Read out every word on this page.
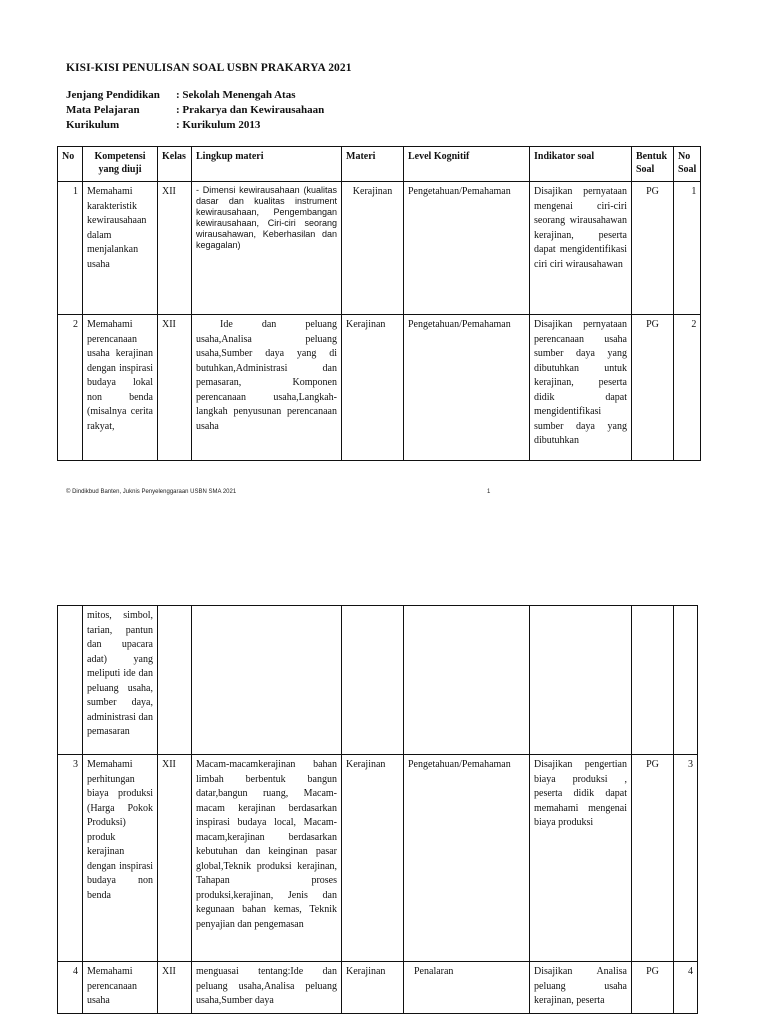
KISI-KISI PENULISAN SOAL USBN PRAKARYA 2021
Jenjang Pendidikan : Sekolah Menengah Atas
Mata Pelajaran	: Prakarya dan Kewirausahaan
Kurikulum	: Kurikulum 2013
No	Kompetensi yang diuji	Kelas	Lingkup materi	Materi	Level Kognitif	Indikator soal	Bentuk Soal	No Soal
1	Memahami karakteristik kewirausahaan dalam menjalankan usaha	XII	- Dimensi kewirausahaan (kualitas dasar dan kualitas instrument kewirausahaan, Pengembangan kewirausahaan, Ciri-ciri seorang wirausahawan, Keberhasilan dan kegagalan)	Kerajinan	Pengetahuan/Pemahaman	Disajikan pernyataan mengenai ciri-ciri seorang wirausahawan kerajinan, peserta dapat mengidentifikasi ciri ciri wirausahawan	PG	1
2	Memahami perencanaan usaha kerajinan dengan inspirasi budaya lokal non benda (misalnya cerita rakyat,	XII	Ide dan peluang usaha,Analisa peluang usaha,Sumber daya yang di butuhkan,Administrasi dan pemasaran, Komponen perencanaan usaha,Langkah-langkah penyusunan perencanaan usaha	Kerajinan	Pengetahuan/Pemahaman	Disajikan pernyataan perencanaan usaha sumber daya yang dibutuhkan untuk kerajinan, peserta didik dapat mengidentifikasi sumber daya yang dibutuhkan	PG	2
© Dindikbud Banten, Juknis Penyelenggaraan USBN SMA 2021	1
	mitos, simbol, tarian, pantun dan upacara adat) yang meliputi ide dan peluang usaha, sumber daya, administrasi dan pemasaran							
3	Memahami perhitungan biaya produksi (Harga Pokok Produksi) produk kerajinan dengan inspirasi budaya non benda	XII	Macam-macamkerajinan bahan limbah berbentuk bangun datar,bangun ruang, Macam-macam kerajinan berdasarkan inspirasi budaya local, Macam-macam,kerajinan berdasarkan kebutuhan dan keinginan pasar global,Teknik produksi kerajinan, Tahapan proses produksi,kerajinan, Jenis dan kegunaan bahan kemas, Teknik penyajian dan pengemasan	Kerajinan	Pengetahuan/Pemahaman	Disajikan pengertian biaya produksi , peserta didik dapat memahami mengenai biaya produksi	PG	3
4	Memahami perencanaan usaha	XII	menguasai tentang:Ide dan peluang usaha,Analisa peluang usaha,Sumber daya	Kerajinan	Penalaran	Disajikan Analisa peluang usaha kerajinan, peserta	PG	4
